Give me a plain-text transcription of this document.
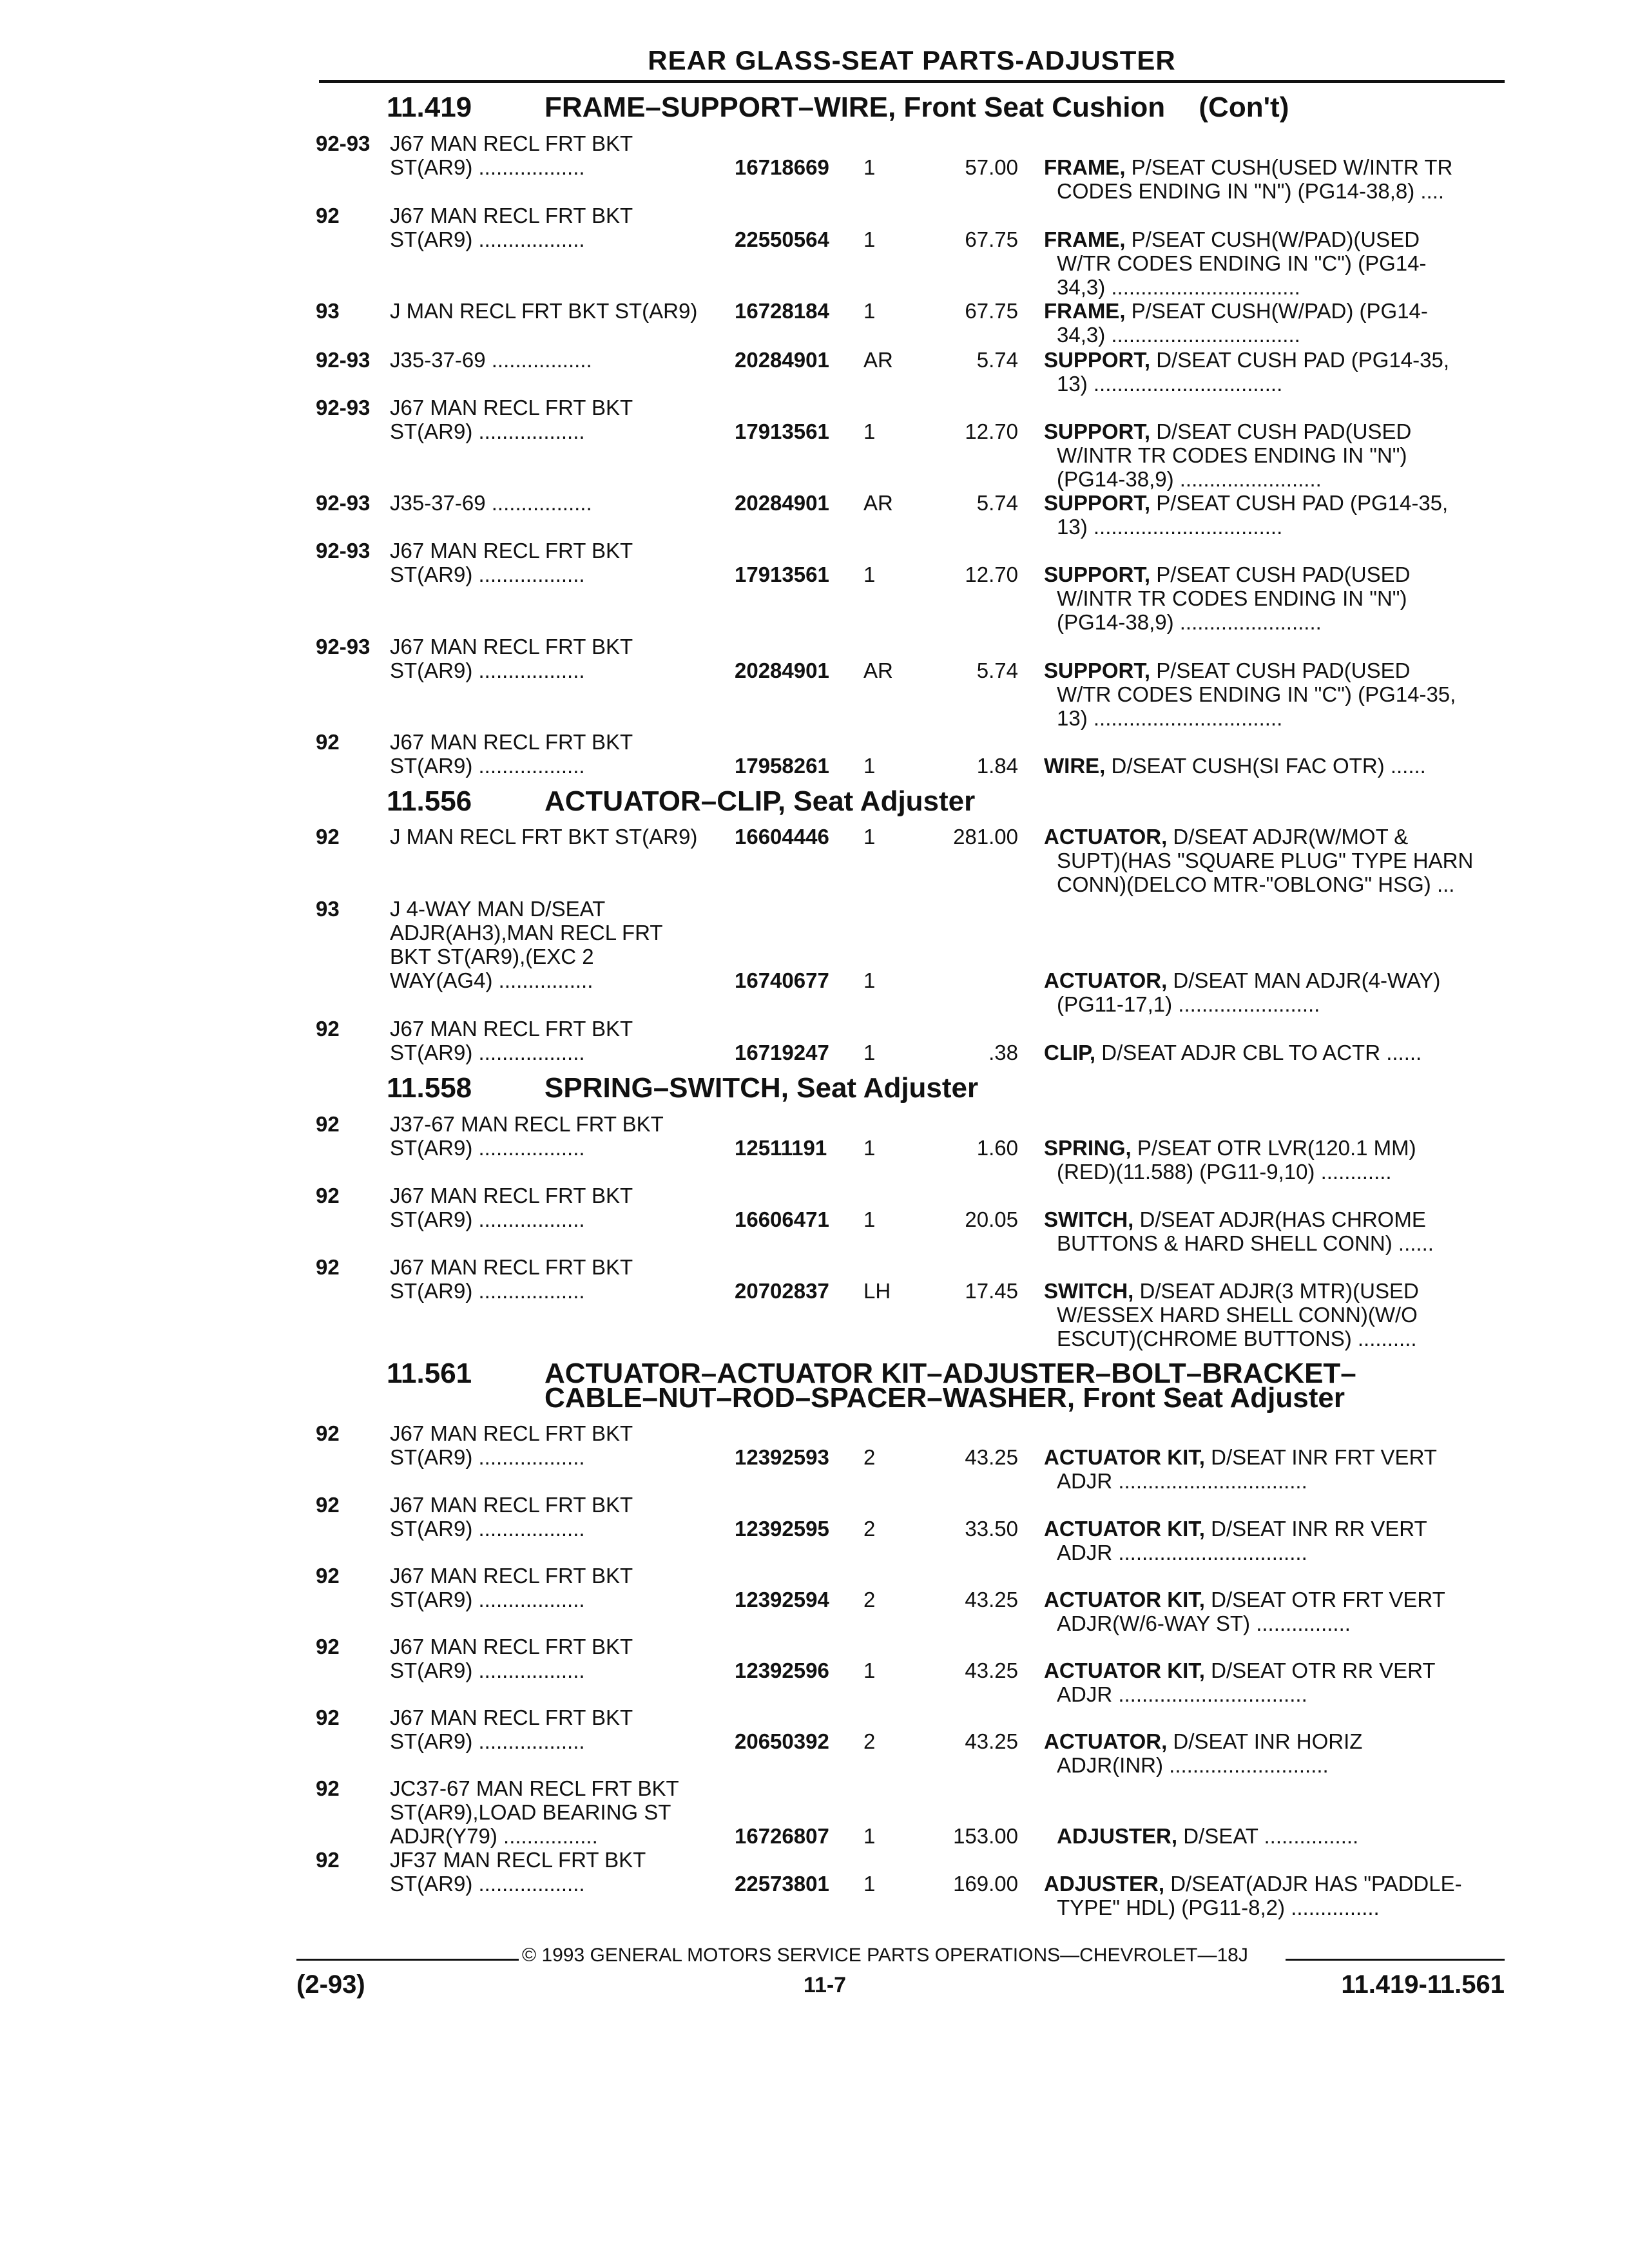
REAR GLASS-SEAT PARTS-ADJUSTER
11.419	FRAME–SUPPORT–WIRE, Front Seat Cushion (Con't)
92-93 J67 MAN RECL FRT BKT
ST(AR9) ..................	16718669 1	57.00 FRAME, P/SEAT CUSH(USED W/INTR TR
CODES ENDING IN "N") (PG14-38,8) ....
92 J67 MAN RECL FRT BKT
ST(AR9) ..................	22550564 1	67.75 FRAME, P/SEAT CUSH(W/PAD)(USED
W/TR CODES ENDING IN "C") (PG14-
34,3) ................................
93 J MAN RECL FRT BKT ST(AR9)	16728184 1	67.75 FRAME, P/SEAT CUSH(W/PAD) (PG14-
34,3) ................................
92-93 J35-37-69 .................	20284901 AR	5.74 SUPPORT, D/SEAT CUSH PAD (PG14-35,
13) ................................
92-93 J67 MAN RECL FRT BKT
ST(AR9) ..................	17913561 1	12.70 SUPPORT, D/SEAT CUSH PAD(USED
W/INTR TR CODES ENDING IN "N")
(PG14-38,9) ........................
92-93 J35-37-69 .................	20284901 AR	5.74 SUPPORT, P/SEAT CUSH PAD (PG14-35,
13) ................................
92-93 J67 MAN RECL FRT BKT
ST(AR9) ..................	17913561 1	12.70 SUPPORT, P/SEAT CUSH PAD(USED
W/INTR TR CODES ENDING IN "N")
(PG14-38,9) ........................
92-93 J67 MAN RECL FRT BKT
ST(AR9) ..................	20284901 AR	5.74 SUPPORT, P/SEAT CUSH PAD(USED
W/TR CODES ENDING IN "C") (PG14-35,
13) ................................
92 J67 MAN RECL FRT BKT
ST(AR9) ..................	17958261 1	1.84 WIRE, D/SEAT CUSH(SI FAC OTR) ......
11.556	ACTUATOR–CLIP, Seat Adjuster
92 J MAN RECL FRT BKT ST(AR9)	16604446 1	281.00 ACTUATOR, D/SEAT ADJR(W/MOT &
SUPT)(HAS "SQUARE PLUG" TYPE HARN
CONN)(DELCO MTR-"OBLONG" HSG) ...
93 J 4-WAY MAN D/SEAT
ADJR(AH3),MAN RECL FRT
BKT ST(AR9),(EXC 2
WAY(AG4) ................	16740677 1	ACTUATOR, D/SEAT MAN ADJR(4-WAY)
(PG11-17,1) ........................
92 J67 MAN RECL FRT BKT
ST(AR9) ..................	16719247 1	.38 CLIP, D/SEAT ADJR CBL TO ACTR ......
11.558	SPRING–SWITCH, Seat Adjuster
92 J37-67 MAN RECL FRT BKT
ST(AR9) ..................	12511191 1	1.60 SPRING, P/SEAT OTR LVR(120.1 MM)
(RED)(11.588) (PG11-9,10) ............
92 J67 MAN RECL FRT BKT
ST(AR9) ..................	16606471 1	20.05 SWITCH, D/SEAT ADJR(HAS CHROME
BUTTONS & HARD SHELL CONN) ......
92 J67 MAN RECL FRT BKT
ST(AR9) ..................	20702837 LH	17.45 SWITCH, D/SEAT ADJR(3 MTR)(USED
W/ESSEX HARD SHELL CONN)(W/O
ESCUT)(CHROME BUTTONS) ..........
11.561	ACTUATOR–ACTUATOR KIT–ADJUSTER–BOLT–BRACKET–
CABLE–NUT–ROD–SPACER–WASHER, Front Seat Adjuster
92 J67 MAN RECL FRT BKT
ST(AR9) ..................	12392593 2	43.25 ACTUATOR KIT, D/SEAT INR FRT VERT
ADJR ................................
92 J67 MAN RECL FRT BKT
ST(AR9) ..................	12392595 2	33.50 ACTUATOR KIT, D/SEAT INR RR VERT
ADJR ................................
92 J67 MAN RECL FRT BKT
ST(AR9) ..................	12392594 2	43.25 ACTUATOR KIT, D/SEAT OTR FRT VERT
ADJR(W/6-WAY ST) ................
92 J67 MAN RECL FRT BKT
ST(AR9) ..................	12392596 1	43.25 ACTUATOR KIT, D/SEAT OTR RR VERT
ADJR ................................
92 J67 MAN RECL FRT BKT
ST(AR9) ..................	20650392 2	43.25 ACTUATOR, D/SEAT INR HORIZ
ADJR(INR) ...........................
92 JC37-67 MAN RECL FRT BKT
ST(AR9),LOAD BEARING ST
ADJR(Y79) ................	16726807 1	153.00	ADJUSTER, D/SEAT ................
92 JF37 MAN RECL FRT BKT
ST(AR9) ..................	22573801 1	169.00 ADJUSTER, D/SEAT(ADJR HAS "PADDLE-
TYPE" HDL) (PG11-8,2) ...............
© 1993 GENERAL MOTORS SERVICE PARTS OPERATIONS—CHEVROLET—18J
(2-93)	11-7	11.419-11.561
